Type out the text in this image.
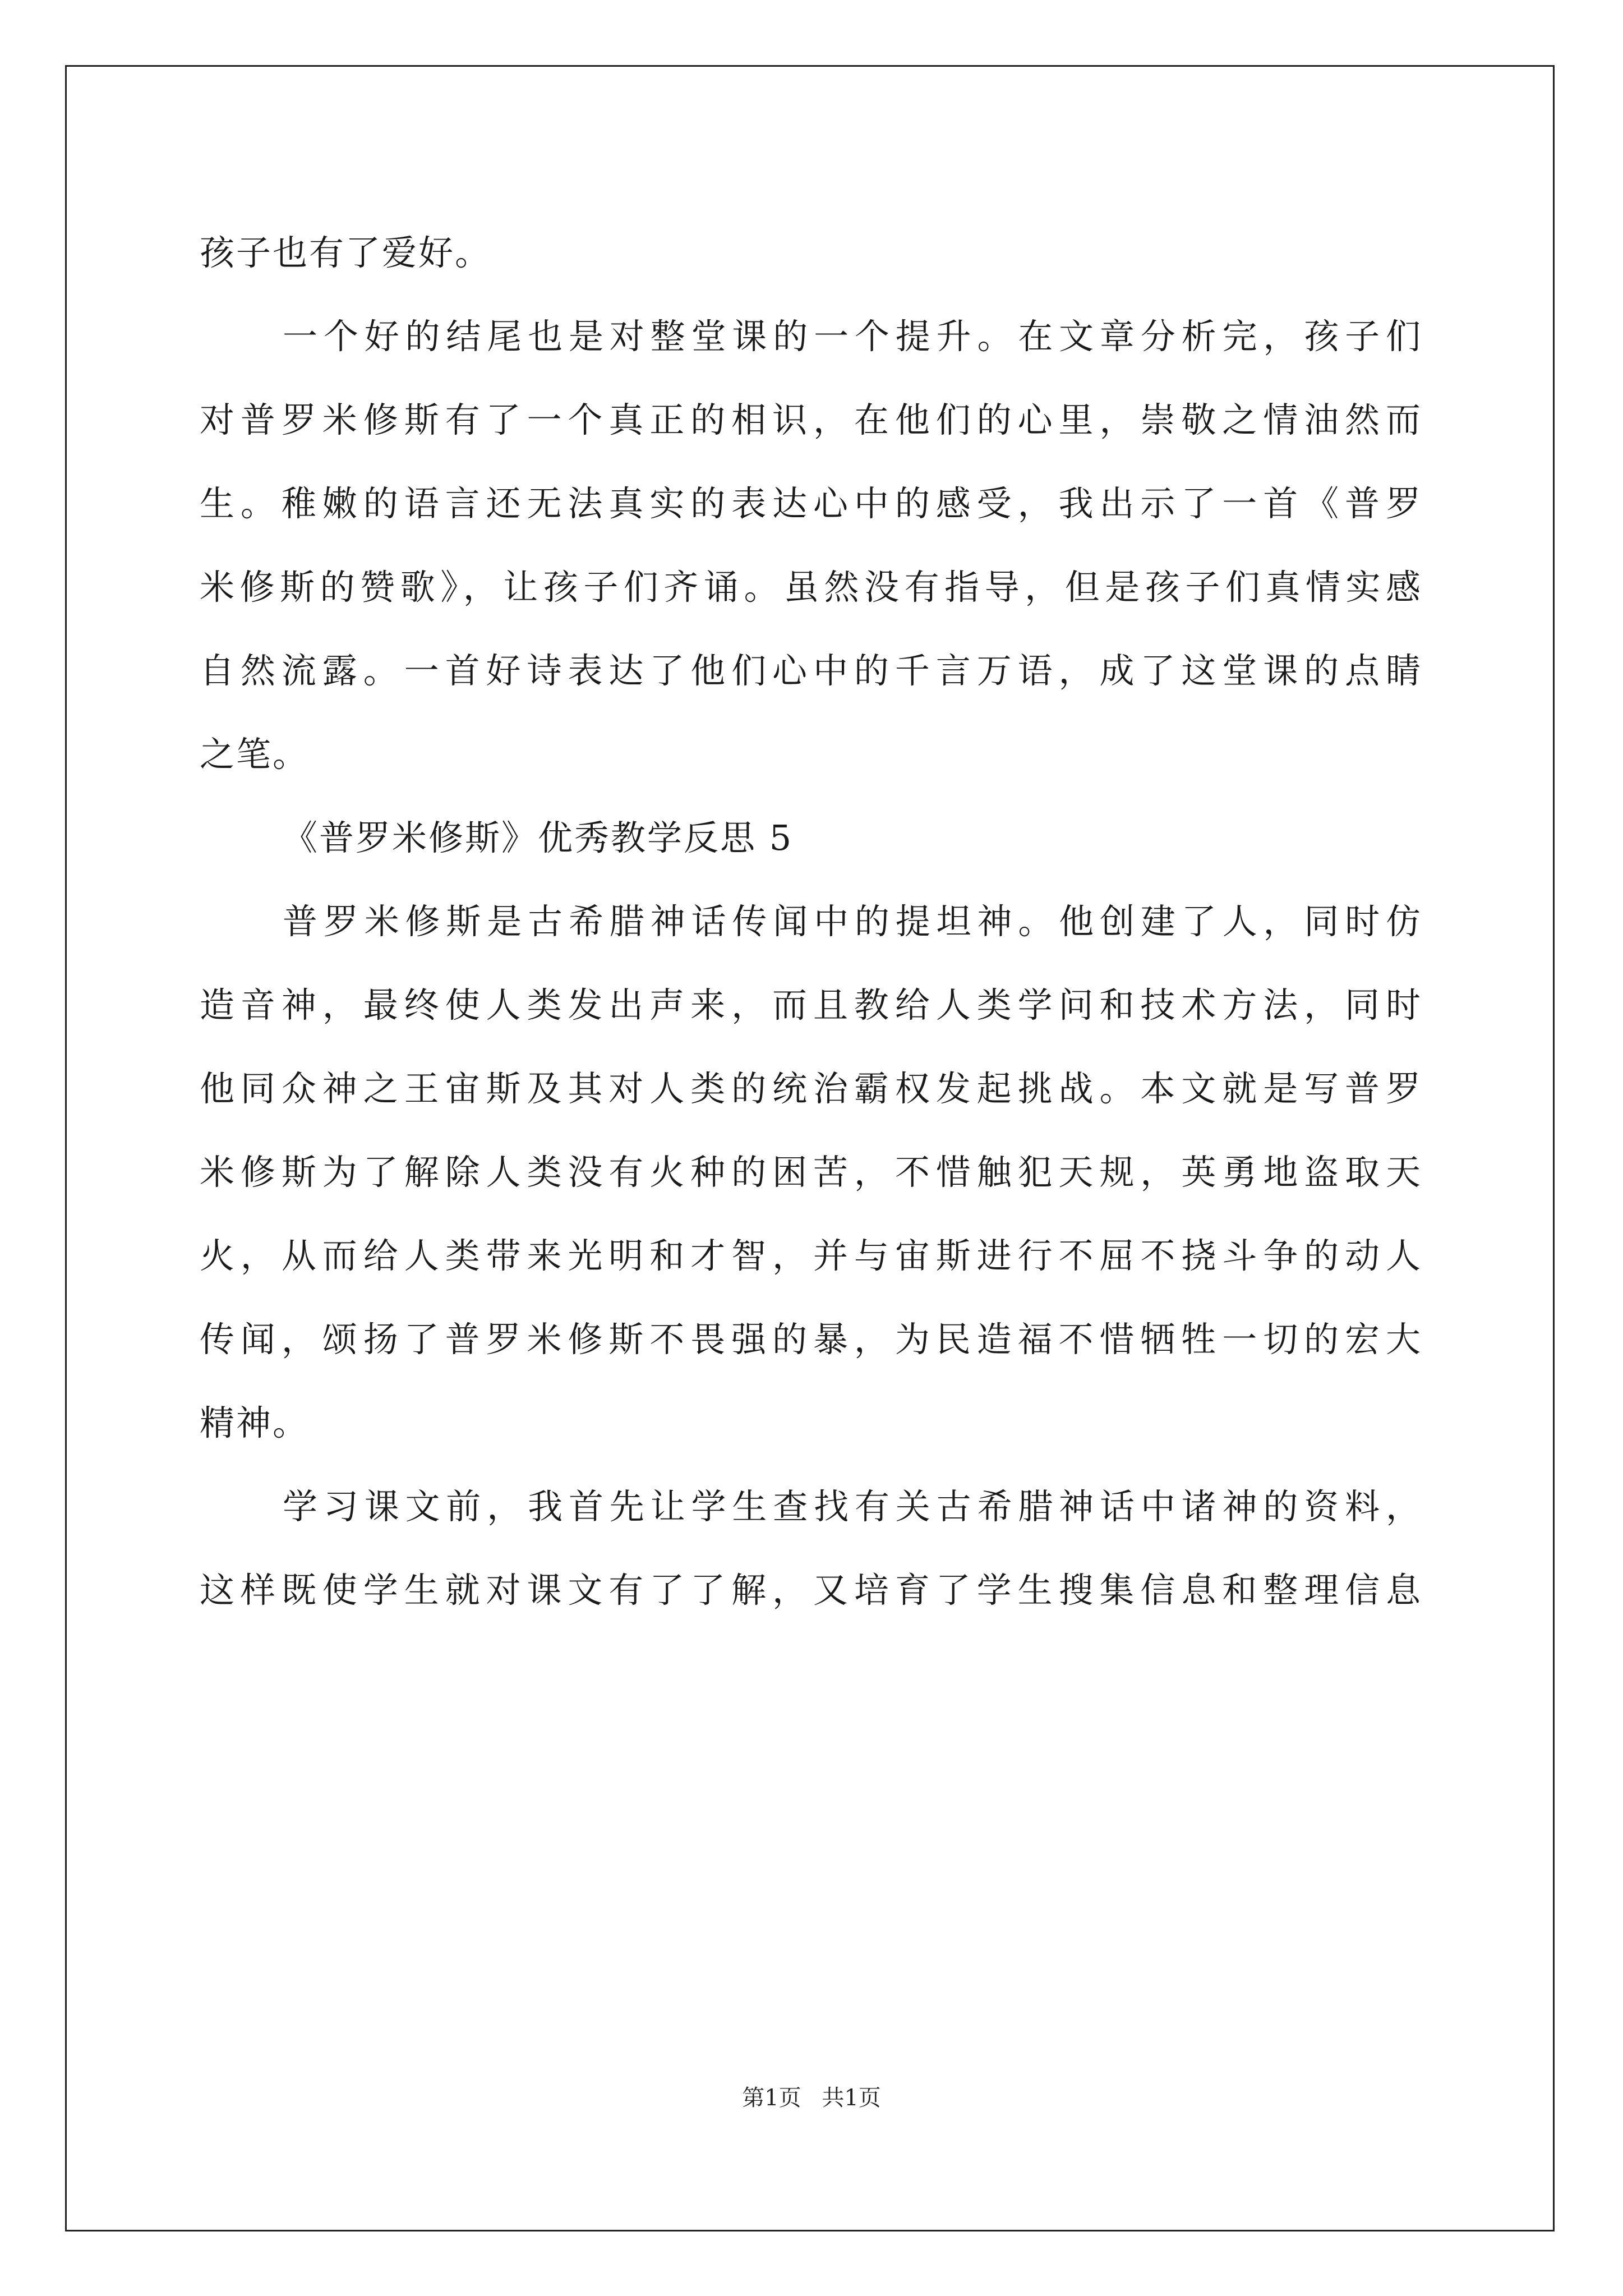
孩子也有了爱好。
一个好的结尾也是对整堂课的一个提升。在文章分析完，孩子们
对普罗米修斯有了一个真正的相识，在他们的心里，崇敬之情油然而
生。稚嫩的语言还无法真实的表达心中的感受，我出示了一首《普罗
米修斯的赞歌》，让孩子们齐诵。虽然没有指导，但是孩子们真情实感
自然流露。一首好诗表达了他们心中的千言万语，成了这堂课的点睛
之笔。
《普罗米修斯》优秀教学反思 5
普罗米修斯是古希腊神话传闻中的提坦神。他创建了人，同时仿
造音神，最终使人类发出声来，而且教给人类学问和技术方法，同时
他同众神之王宙斯及其对人类的统治霸权发起挑战。本文就是写普罗
米修斯为了解除人类没有火种的困苦，不惜触犯天规，英勇地盗取天
火，从而给人类带来光明和才智，并与宙斯进行不屈不挠斗争的动人
传闻，颂扬了普罗米修斯不畏强的暴，为民造福不惜牺牲一切的宏大
精神。
学习课文前，我首先让学生查找有关古希腊神话中诸神的资料，
这样既使学生就对课文有了了解，又培育了学生搜集信息和整理信息
第1页 共1页
